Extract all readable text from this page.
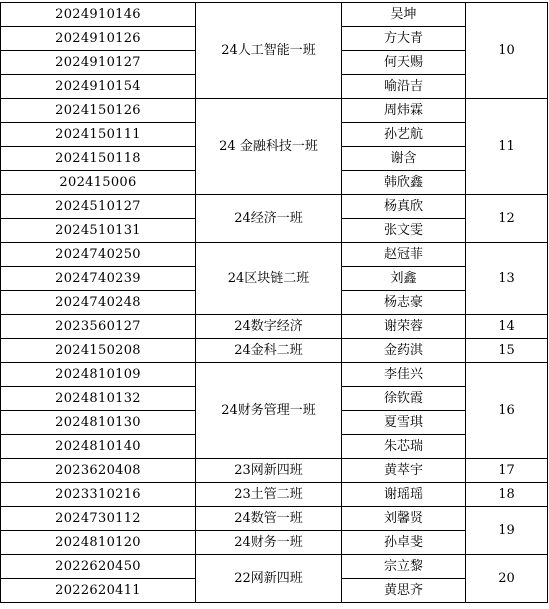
2024910146	24人工智能一班	吴坤	10
2024910126		方大青	
2024910127		何天赐	
2024910154		喻沿吉	
2024150126	24 金融科技一班	周炜霖	11
2024150111		孙艺航	
2024150118		谢含	
202415006		韩欣鑫	
2024510127	24经济一班	杨真欣	12
2024510131		张文雯	
2024740250	24区块链二班	赵冠菲	13
2024740239		刘鑫	
2024740248		杨志豪	
2023560127	24数字经济	谢荣蓉	14
2024150208	24金科二班	金药淇	15
2024810109	24财务管理一班	李佳兴	16
2024810132		徐钦霞	
2024810130		夏雪琪	
2024810140		朱芯瑞	
2023620408	23网新四班	黄萃宇	17
2023310216	23土管二班	谢瑶瑶	18
2024730112	24数管一班	刘馨贤	19
2024810120	24财务一班	孙卓斐	
2022620450	22网新四班	宗立黎	20
2022620411		黄思齐	
